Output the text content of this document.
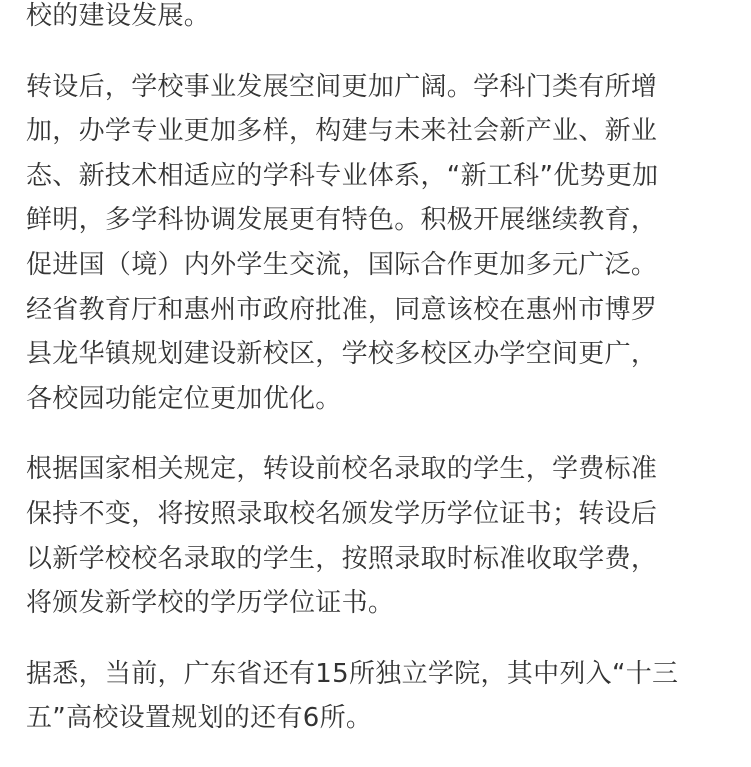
校的建设发展。

转设后，学校事业发展空间更加广阔。学科门类有所增
加，办学专业更加多样，构建与未来社会新产业、新业
态、新技术相适应的学科专业体系，“新工科”优势更加
鲜明，多学科协调发展更有特色。积极开展继续教育，
促进国（境）内外学生交流，国际合作更加多元广泛。
经省教育厅和惠州市政府批准，同意该校在惠州市博罗
县龙华镇规划建设新校区，学校多校区办学空间更广，
各校园功能定位更加优化。

根据国家相关规定，转设前校名录取的学生，学费标准
保持不变，将按照录取校名颁发学历学位证书；转设后
以新学校校名录取的学生，按照录取时标准收取学费，
将颁发新学校的学历学位证书。

据悉，当前，广东省还有15所独立学院，其中列入“十三
五”高校设置规划的还有6所。
